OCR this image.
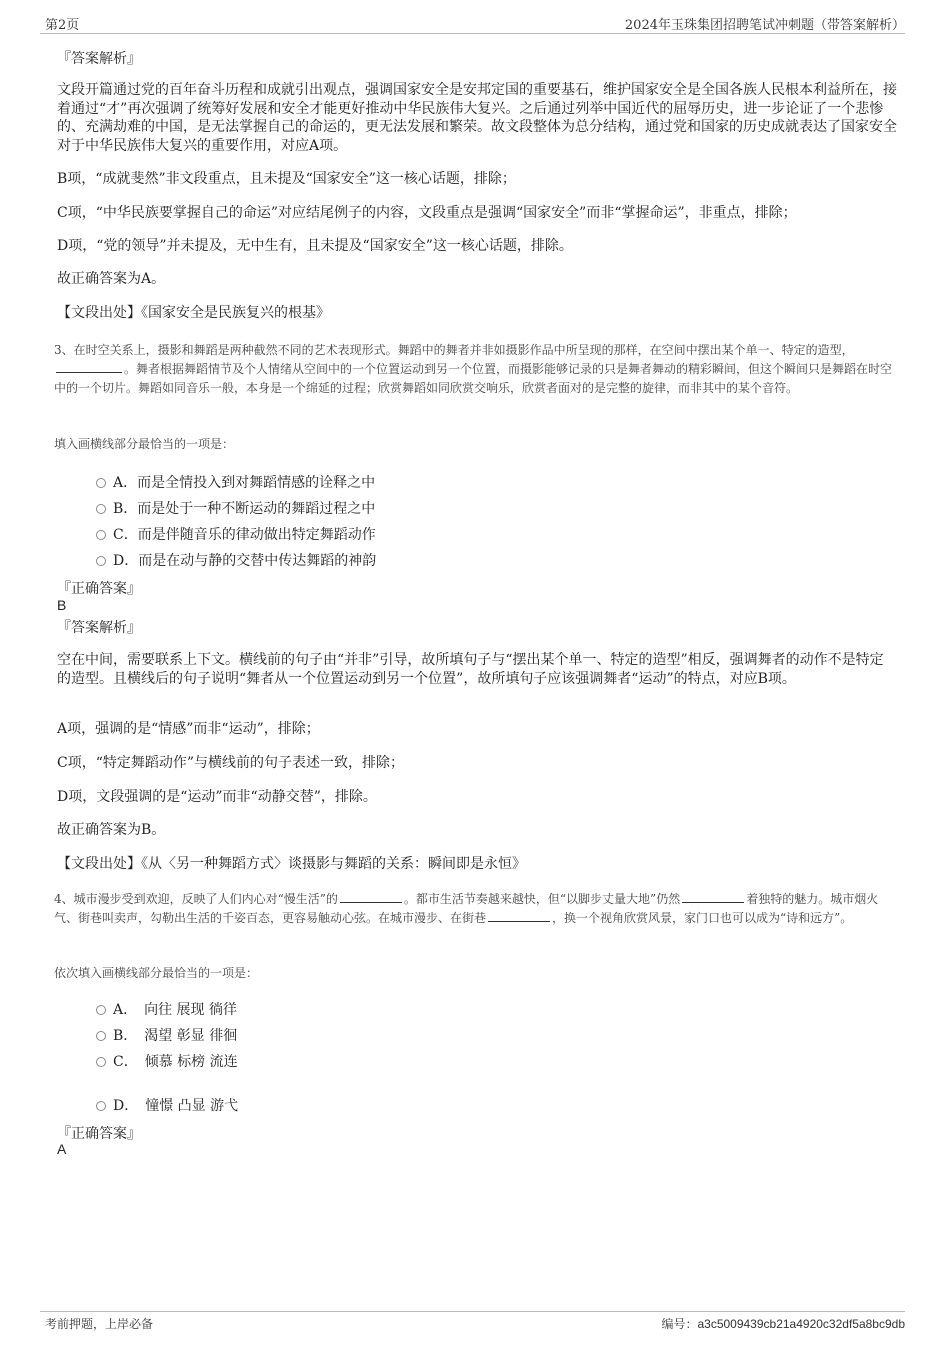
第2页	2024年玉珠集团招聘笔试冲刺题（带答案解析）
『答案解析』
文段开篇通过党的百年奋斗历程和成就引出观点，强调国家安全是安邦定国的重要基石，维护国家安全是全国各族人民根本利益所在，接着通过“才”再次强调了统筹好发展和安全才能更好推动中华民族伟大复兴。之后通过列举中国近代的屈辱历史，进一步论证了一个悲惨的、充满劫难的中国，是无法掌握自己的命运的，更无法发展和繁荣。故文段整体为总分结构，通过党和国家的历史成就表达了国家安全对于中华民族伟大复兴的重要作用，对应A项。
B项，“成就斐然”非文段重点，且未提及“国家安全”这一核心话题，排除；
C项，“中华民族要掌握自己的命运”对应结尾例子的内容，文段重点是强调“国家安全”而非“掌握命运”，非重点，排除；
D项，“党的领导”并未提及，无中生有，且未提及“国家安全”这一核心话题，排除。
故正确答案为A。
【文段出处】《国家安全是民族复兴的根基》
3、在时空关系上，摄影和舞蹈是两种截然不同的艺术表现形式。舞蹈中的舞者并非如摄影作品中所呈现的那样，在空间中摆出某个单一、特定的造型，。舞者根据舞蹈情节及个人情绪从空间中的一个位置运动到另一个位置，而摄影能够记录的只是舞者舞动的精彩瞬间，但这个瞬间只是舞蹈在时空中的一个切片。舞蹈如同音乐一般，本身是一个绵延的过程；欣赏舞蹈如同欣赏交响乐，欣赏者面对的是完整的旋律，而非其中的某个音符。
填入画横线部分最恰当的一项是：
A．而是全情投入到对舞蹈情感的诠释之中
B．而是处于一种不断运动的舞蹈过程之中
C．而是伴随音乐的律动做出特定舞蹈动作
D．而是在动与静的交替中传达舞蹈的神韵
『正确答案』
B
『答案解析』
空在中间，需要联系上下文。横线前的句子由“并非”引导，故所填句子与“摆出某个单一、特定的造型”相反，强调舞者的动作不是特定的造型。且横线后的句子说明“舞者从一个位置运动到另一个位置”，故所填句子应该强调舞者“运动”的特点，对应B项。
A项，强调的是“情感”而非“运动”，排除；
C项，“特定舞蹈动作”与横线前的句子表述一致，排除；
D项，文段强调的是“运动”而非“动静交替”，排除。
故正确答案为B。
【文段出处】《从〈另一种舞蹈方式〉谈摄影与舞蹈的关系：瞬间即是永恒》
4、城市漫步受到欢迎，反映了人们内心对“慢生活”的	。都市生活节奏越来越快，但“以脚步丈量大地”仍然	着独特的魅力。城市烟火气、街巷叫卖声，勾勒出生活的千姿百态，更容易触动心弦。在城市漫步、在街巷	，换一个视角欣赏风景，家门口也可以成为“诗和远方”。
依次填入画横线部分最恰当的一项是：
A．　向往 展现 徜徉
B．　渴望 彰显 徘徊
C．　倾慕 标榜 流连
D．　憧憬 凸显 游弋
『正确答案』
A
考前押题，上岸必备	编号：a3c5009439cb21a4920c32df5a8bc9db
